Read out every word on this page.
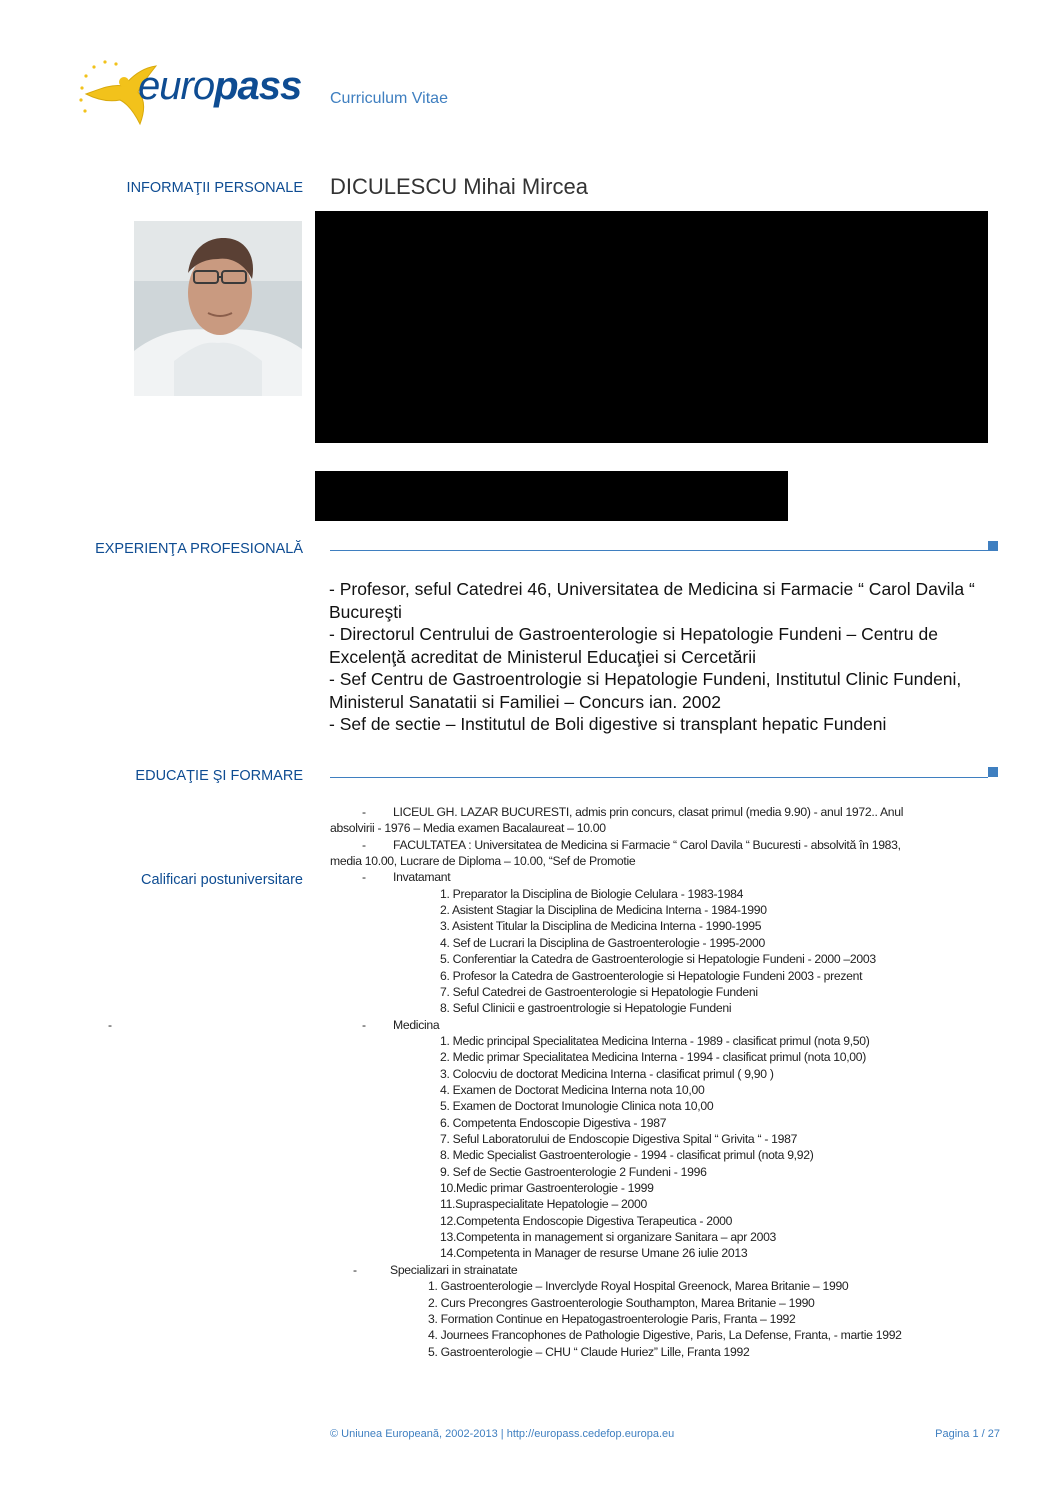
europass Curriculum Vitae
INFORMAŢII PERSONALE DICULESCU Mihai Mircea
EXPERIENŢA PROFESIONALĂ
- Profesor, seful Catedrei 46, Universitatea de Medicina si Farmacie “ Carol Davila “ Bucureşti
- Directorul Centrului de Gastroenterologie si Hepatologie Fundeni – Centru de Excelenţă acreditat de Ministerul Educaţiei si Cercetării
- Sef Centru de Gastroentrologie si Hepatologie Fundeni, Institutul Clinic Fundeni, Ministerul Sanatatii si Familiei – Concurs ian. 2002
- Sef de sectie – Institutul de Boli digestive si transplant hepatic Fundeni
EDUCAŢIE ŞI FORMARE
Calificari postuniversitare
-
- LICEUL GH. LAZAR BUCURESTI, admis prin concurs, clasat primul (media 9.90) - anul 1972.. Anul
absolvirii - 1976 – Media examen Bacalaureat – 10.00
- FACULTATEA : Universitatea de Medicina si Farmacie “ Carol Davila “ Bucuresti - absolvită în 1983,
media 10.00, Lucrare de Diploma – 10.00, “Sef de Promotie
- Invatamant
1. Preparator la Disciplina de Biologie Celulara - 1983-1984
2. Asistent Stagiar la Disciplina de Medicina Interna - 1984-1990
3. Asistent Titular la Disciplina de Medicina Interna - 1990-1995
4. Sef de Lucrari la Disciplina de Gastroenterologie - 1995-2000
5. Conferentiar la Catedra de Gastroenterologie si Hepatologie Fundeni - 2000 –2003
6. Profesor la Catedra de Gastroenterologie si Hepatologie Fundeni 2003 - prezent
7. Seful Catedrei de Gastroenterologie si Hepatologie Fundeni
8. Seful Clinicii e gastroentrologie si Hepatologie Fundeni
- Medicina
1. Medic principal Specialitatea Medicina Interna - 1989 - clasificat primul (nota 9,50)
2. Medic primar Specialitatea Medicina Interna - 1994 - clasificat primul (nota 10,00)
3. Colocviu de doctorat Medicina Interna - clasificat primul ( 9,90 )
4. Examen de Doctorat Medicina Interna nota 10,00
5. Examen de Doctorat Imunologie Clinica nota 10,00
6. Competenta Endoscopie Digestiva - 1987
7. Seful Laboratorului de Endoscopie Digestiva Spital “ Grivita “ - 1987
8. Medic Specialist Gastroenterologie - 1994 - clasificat primul (nota 9,92)
9. Sef de Sectie Gastroenterologie 2 Fundeni - 1996
10.Medic primar Gastroenterologie - 1999
11.Supraspecialitate Hepatologie – 2000
12.Competenta Endoscopie Digestiva Terapeutica - 2000
13.Competenta in management si organizare Sanitara – apr 2003
14.Competenta in Manager de resurse Umane 26 iulie 2013
-	Specializari in strainatate
1. Gastroenterologie – Inverclyde Royal Hospital Greenock, Marea Britanie – 1990
2. Curs Precongres Gastroenterologie Southampton, Marea Britanie – 1990
3. Formation Continue en Hepatogastroenterologie Paris, Franta – 1992
4. Journees Francophones de Pathologie Digestive, Paris, La Defense, Franta, - martie 1992
5. Gastroenterologie – CHU “ Claude Huriez” Lille, Franta 1992
© Uniunea Europeană, 2002-2013 | http://europass.cedefop.europa.eu	Pagina 1 / 27
